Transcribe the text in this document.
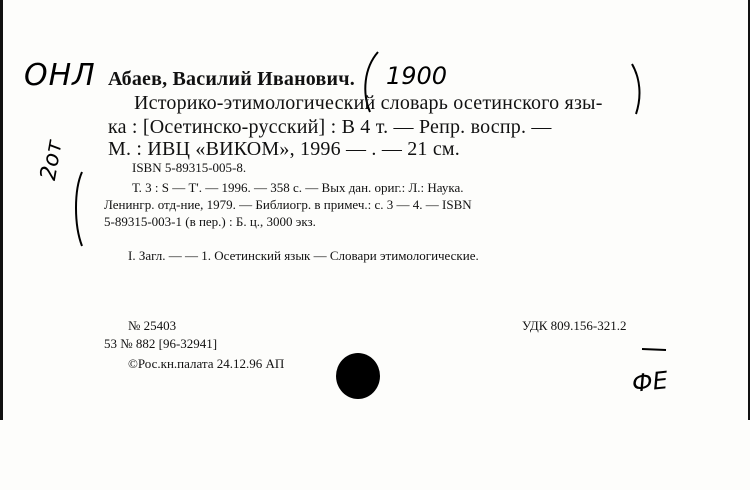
ОНЛ	1900
2от
ФЕ
Абаев, Василий Иванович.
Историко-этимологический словарь осетинского язы-
ка : [Осетинско-русский] : В 4 т. — Репр. воспр. —
М. : ИВЦ «ВИКОМ», 1996 — . — 21 см.
ISBN 5-89315-005-8.
Т. 3 : S — Т'. — 1996. — 358 с. — Вых дан. ориг.: Л.: Наука.
Ленингр. отд-ние, 1979. — Библиогр. в примеч.: с. 3 — 4. — ISBN
5-89315-003-1 (в пер.) : Б. ц., 3000 экз.
I. Загл. — — 1. Осетинский язык — Словари этимологические.
№ 25403
53 № 882 [96-32941]
©Рос.кн.палата 24.12.96 АП
УДК 809.156-321.2
